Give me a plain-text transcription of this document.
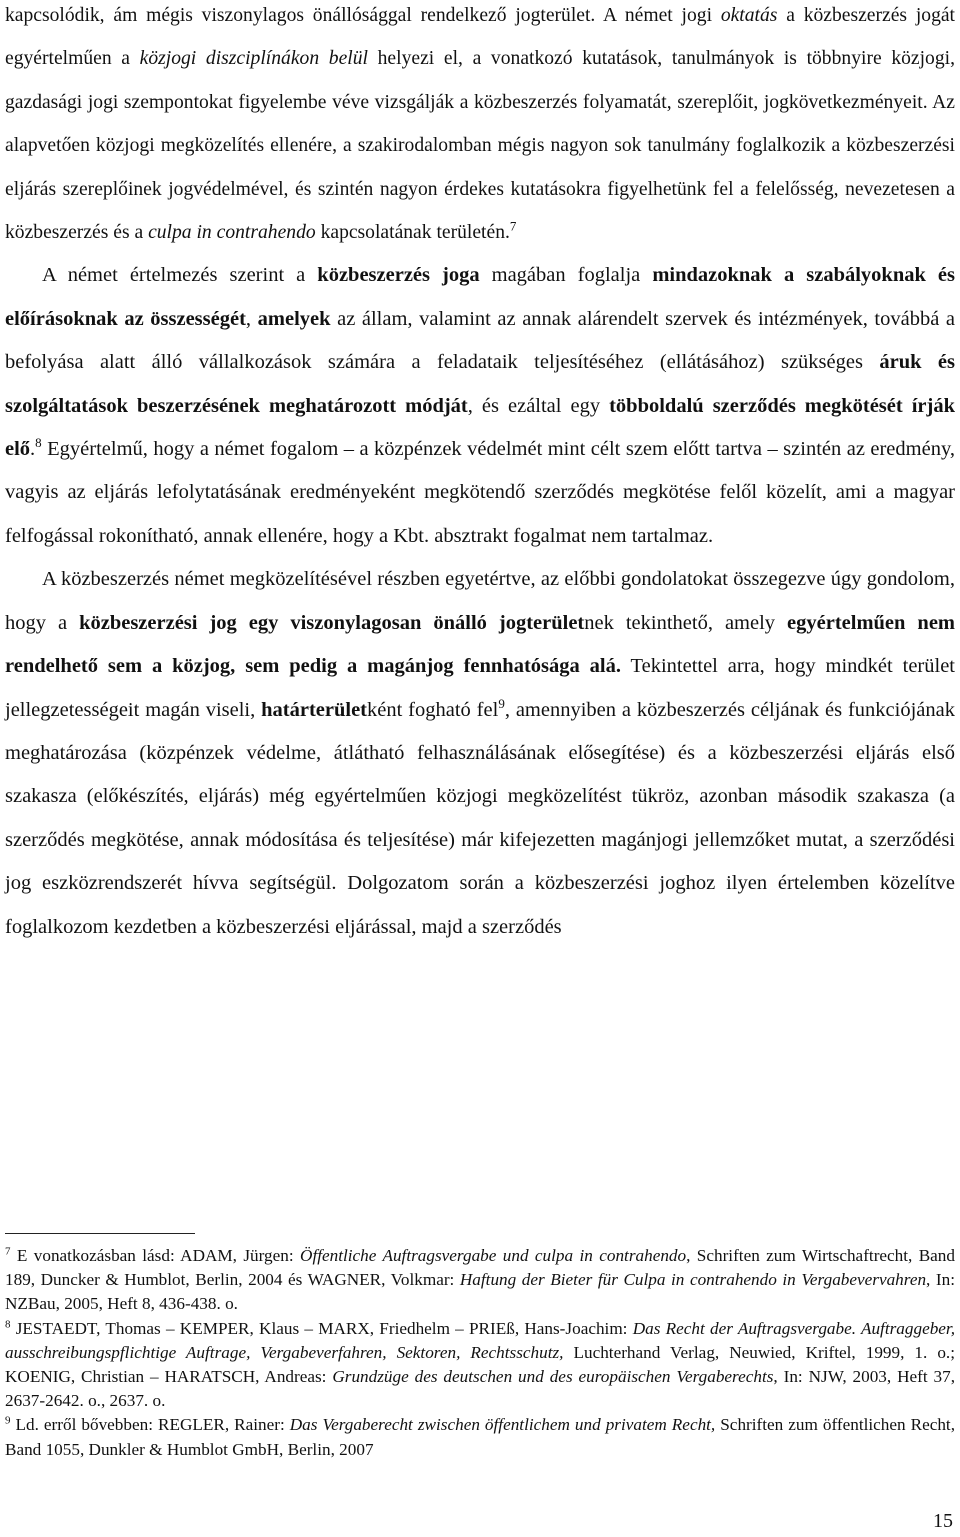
kapcsolódik, ám mégis viszonylagos önállósággal rendelkező jogterület. A német jogi oktatás a közbeszerzés jogát egyértelműen a közjogi diszciplínákon belül helyezi el, a vonatkozó kutatások, tanulmányok is többnyire közjogi, gazdasági jogi szempontokat figyelembe véve vizsgálják a közbeszerzés folyamatát, szereplőit, jogkövetkezményeit. Az alapvetően közjogi megközelítés ellenére, a szakirodalomban mégis nagyon sok tanulmány foglalkozik a közbeszerzési eljárás szereplőinek jogvédelmével, és szintén nagyon érdekes kutatásokra figyelhetünk fel a felelősség, nevezetesen a közbeszerzés és a culpa in contrahendo kapcsolatának területén.$^7$

A német értelmezés szerint a közbeszerzés joga magában foglalja mindazoknak a szabályoknak és előírásoknak az összességét, amelyek az állam, valamint az annak alárendelt szervek és intézmények, továbbá a befolyása alatt álló vállalkozások számára a feladataik teljesítéséhez (ellátásához) szükséges áruk és szolgáltatások beszerzésének meghatározott módját, és ezáltal egy többoldalú szerződés megkötését írják elő.$^8$ Egyértelmű, hogy a német fogalom – a közpénzek védelmét mint célt szem előtt tartva – szintén az eredmény, vagyis az eljárás lefolytatásának eredményeként megkötendő szerződés megkötése felől közelít, ami a magyar felfogással rokonítható, annak ellenére, hogy a Kbt. absztrakt fogalmat nem tartalmaz.

A közbeszerzés német megközelítésével részben egyetértve, az előbbi gondolatokat összegezve úgy gondolom, hogy a közbeszerzési jog egy viszonylagosan önálló jogterületnek tekinthető, amely egyértelműen nem rendelhető sem a közjog, sem pedig a magánjog fennhatósága alá. Tekintettel arra, hogy mindkét terület jellegzetességeit magán viseli, határterületként fogható fel$^9$, amennyiben a közbeszerzés céljának és funkciójának meghatározása (közpénzek védelme, átlátható felhasználásának elősegítése) és a közbeszerzési eljárás első szakasza (előkészítés, eljárás) még egyértelműen közjogi megközelítést tükröz, azonban második szakasza (a szerződés megkötése, annak módosítása és teljesítése) már kifejezetten magánjogi jellemzőket mutat, a szerződési jog eszközrendszerét hívva segítségül. Dolgozatom során a közbeszerzési joghoz ilyen értelemben közelítve foglalkozom kezdetben a közbeszerzési eljárással, majd a szerződés

$^7$ E vonatkozásban lásd: ADAM, Jürgen: Öffentliche Auftragsvergabe und culpa in contrahendo, Schriften zum Wirtschaftrecht, Band 189, Duncker & Humblot, Berlin, 2004 és WAGNER, Volkmar: Haftung der Bieter für Culpa in contrahendo in Vergabevervahren, In: NZBau, 2005, Heft 8, 436-438. o.

$^8$ JESTAEDT, Thomas – KEMPER, Klaus – MARX, Friedhelm – PRIEß, Hans-Joachim: Das Recht der Auftragsvergabe. Auftraggeber, ausschreibungspflichtige Auftrage, Vergabeverfahren, Sektoren, Rechtsschutz, Luchterhand Verlag, Neuwied, Kriftel, 1999, 1. o.; KOENIG, Christian – HARATSCH, Andreas: Grundzüge des deutschen und des europäischen Vergaberechts, In: NJW, 2003, Heft 37, 2637-2642. o., 2637. o.

$^9$ Ld. erről bővebben: REGLER, Rainer: Das Vergaberecht zwischen öffentlichem und privatem Recht, Schriften zum öffentlichen Recht, Band 1055, Dunkler & Humblot GmbH, Berlin, 2007

15
